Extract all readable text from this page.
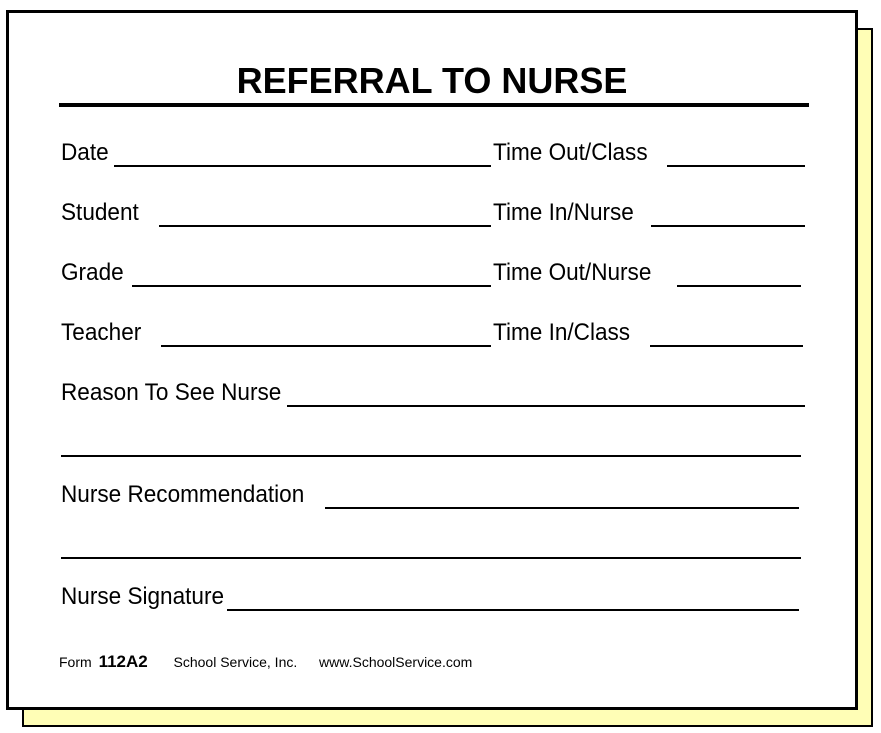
REFERRAL TO NURSE
Date	Time Out/Class
Student	Time In/Nurse
Grade	Time Out/Nurse
Teacher	Time In/Class
Reason To See Nurse
Nurse Recommendation
Nurse Signature
Form 112A2 School Service, Inc. www.SchoolService.com
